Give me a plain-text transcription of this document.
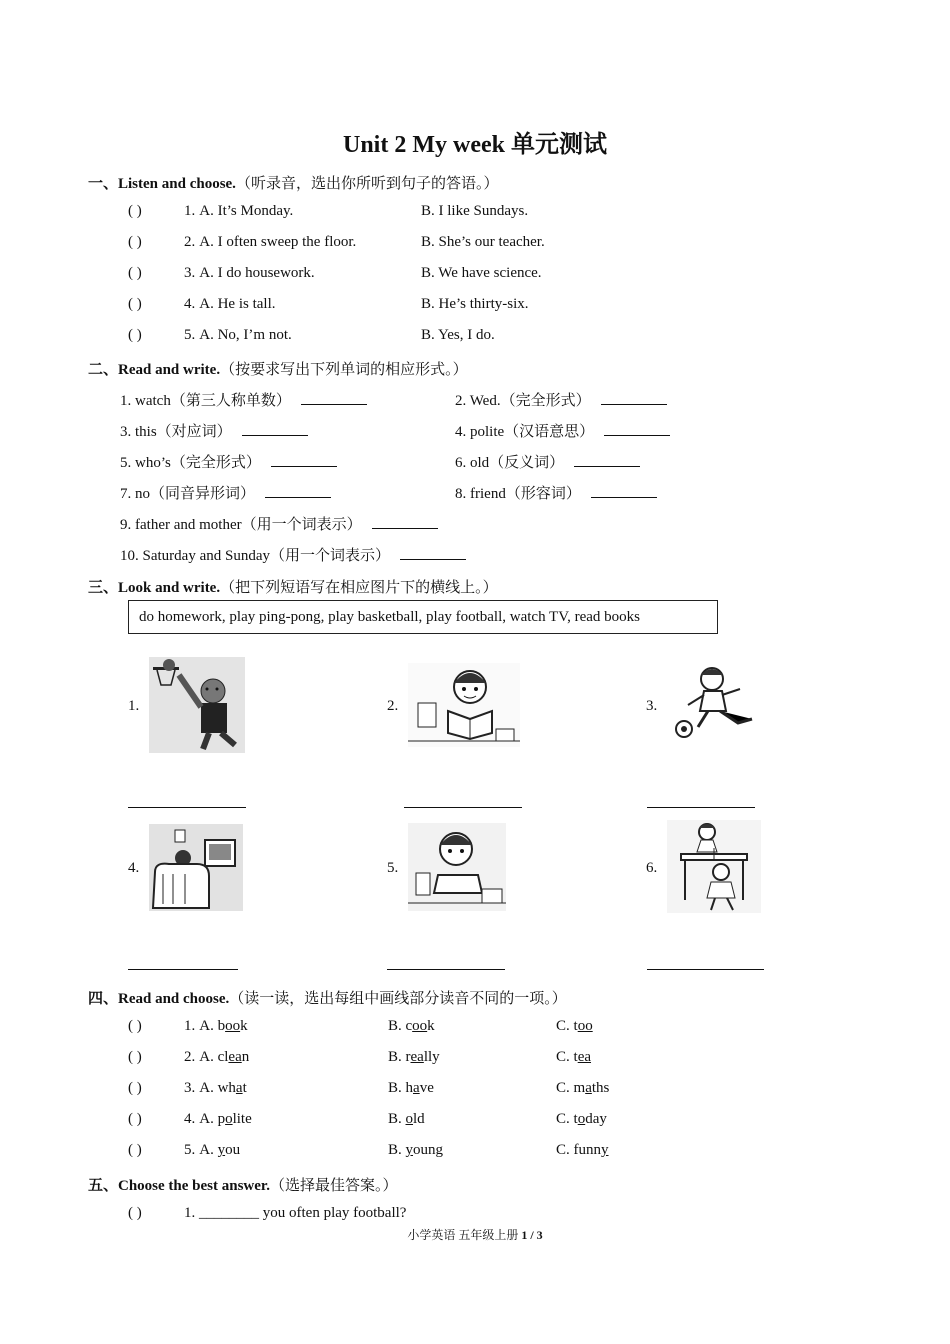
Unit 2 My week 单元测试
一、Listen and choose.（听录音，选出你所听到句子的答语。）
( )	1. A. It’s Monday.	B. I like Sundays.
( )	2. A. I often sweep the floor.	B. She’s our teacher.
( )	3. A. I do housework.	B. We have science.
( )	4. A. He is tall.	B. He’s thirty-six.
( )	5. A. No, I’m not.	B. Yes, I do.
二、Read and write.（按要求写出下列单词的相应形式。）
1. watch（第三人称单数）	2. Wed.（完全形式）
3. this（对应词）	4. polite（汉语意思）
5. who’s（完全形式）	6. old（反义词）
7. no（同音异形词）	8. friend（形容词）
9. father and mother（用一个词表示）
10. Saturday and Sunday（用一个词表示）
三、Look and write.（把下列短语写在相应图片下的横线上。）
do homework, play ping-pong, play basketball, play football, watch TV, read books
1.	2.	3.
4.	5.	6.
四、Read and choose.（读一读，选出每组中画线部分读音不同的一项。）
( )	1. A. book	B. cook	C. too
( )	2. A. clean	B. really	C. tea
( )	3. A. what	B. have	C. maths
( )	4. A. polite	B. old	C. today
( )	5. A. you	B. young	C. funny
五、Choose the best answer.（选择最佳答案。）
( )	1. ________ you often play football?
小学英语 五年级上册 1 / 3
